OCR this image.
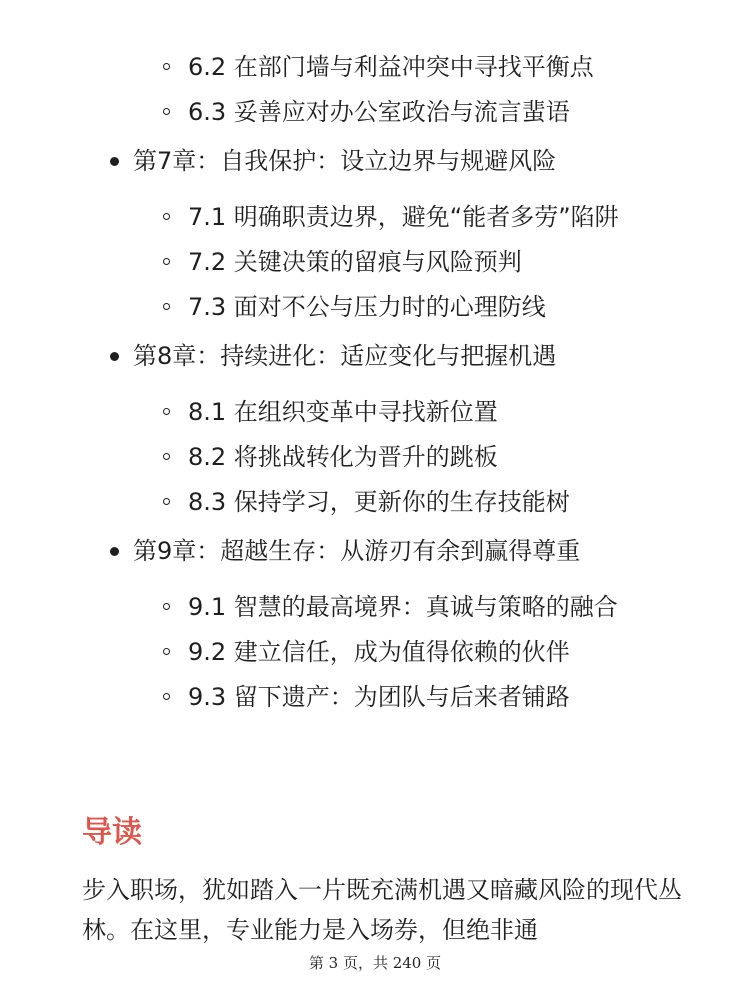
6.2 在部门墙与利益冲突中寻找平衡点
6.3 妥善应对办公室政治与流言蜚语
第7章：自我保护：设立边界与规避风险
7.1 明确职责边界，避免“能者多劳”陷阱
7.2 关键决策的留痕与风险预判
7.3 面对不公与压力时的心理防线
第8章：持续进化：适应变化与把握机遇
8.1 在组织变革中寻找新位置
8.2 将挑战转化为晋升的跳板
8.3 保持学习，更新你的生存技能树
第9章：超越生存：从游刃有余到赢得尊重
9.1 智慧的最高境界：真诚与策略的融合
9.2 建立信任，成为值得依赖的伙伴
9.3 留下遗产：为团队与后来者铺路
导读

步入职场，犹如踏入一片既充满机遇又暗藏风险的现代丛林。在这里，专业能力是入场券，但绝非通

第 3 页，共 240 页
